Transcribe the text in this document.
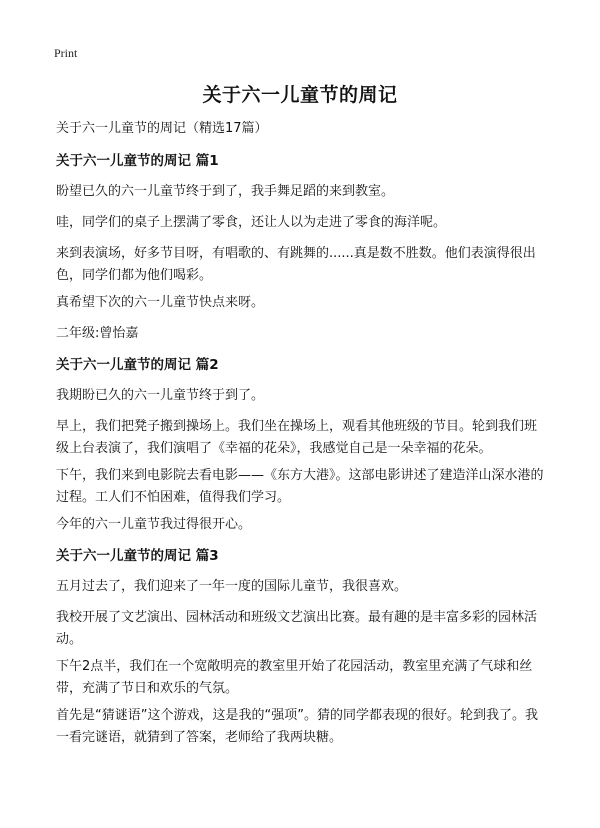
Print
关于六一儿童节的周记

关于六一儿童节的周记（精选17篇）

关于六一儿童节的周记 篇1

盼望已久的六一儿童节终于到了，我手舞足蹈的来到教室。

哇，同学们的桌子上摆满了零食，还让人以为走进了零食的海洋呢。

来到表演场，好多节目呀，有唱歌的、有跳舞的......真是数不胜数。他们表演得很出色，同学们都为他们喝彩。

真希望下次的六一儿童节快点来呀。

二年级:曾怡嘉

关于六一儿童节的周记 篇2

我期盼已久的六一儿童节终于到了。

早上，我们把凳子搬到操场上。我们坐在操场上，观看其他班级的节目。轮到我们班级上台表演了，我们演唱了《幸福的花朵》，我感觉自己是一朵幸福的花朵。

下午，我们来到电影院去看电影——《东方大港》。这部电影讲述了建造洋山深水港的过程。工人们不怕困难，值得我们学习。

今年的六一儿童节我过得很开心。

关于六一儿童节的周记 篇3

五月过去了，我们迎来了一年一度的国际儿童节，我很喜欢。

我校开展了文艺演出、园林活动和班级文艺演出比赛。最有趣的是丰富多彩的园林活动。

下午2点半，我们在一个宽敞明亮的教室里开始了花园活动，教室里充满了气球和丝带，充满了节日和欢乐的气氛。

首先是“猜谜语”这个游戏，这是我的“强项”。猜的同学都表现的很好。轮到我了。我一看完谜语，就猜到了答案，老师给了我两块糖。
